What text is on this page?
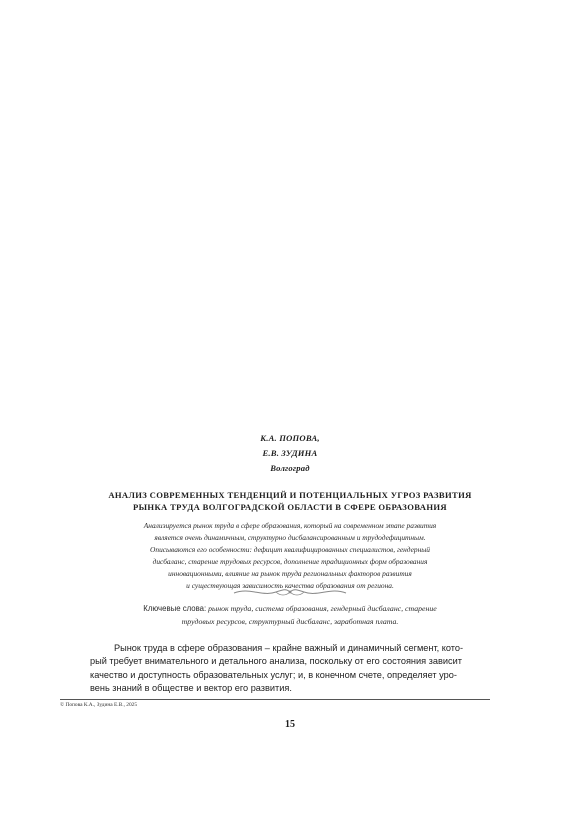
К.А. ПОПОВА,
Е.В. ЗУДИНА
Волгоград
АНАЛИЗ СОВРЕМЕННЫХ ТЕНДЕНЦИЙ И ПОТЕНЦИАЛЬНЫХ УГРОЗ РАЗВИТИЯ
РЫНКА ТРУДА ВОЛГОГРАДСКОЙ ОБЛАСТИ В СФЕРЕ ОБРАЗОВАНИЯ
Анализируется рынок труда в сфере образования, который на современном этапе развития
является очень динамичным, структурно дисбалансированным и трудодефицитным.
Описываются его особенности: дефицит квалифицированных специалистов, гендерный
дисбаланс, старение трудовых ресурсов, дополнение традиционных форм образования
инновационными, влияние на рынок труда региональных факторов развития
и существующая зависимость качества образования от региона.
Ключевые слова: рынок труда, система образования, гендерный дисбаланс, старение
трудовых ресурсов, структурный дисбаланс, заработная плата.
Рынок труда в сфере образования – крайне важный и динамичный сегмент, кото-
рый требует внимательного и детального анализа, поскольку от его состояния зависит
качество и доступность образовательных услуг; и, в конечном счете, определяет уро-
вень знаний в обществе и вектор его развития.
© Попова К.А., Зудина Е.В., 2025
15
